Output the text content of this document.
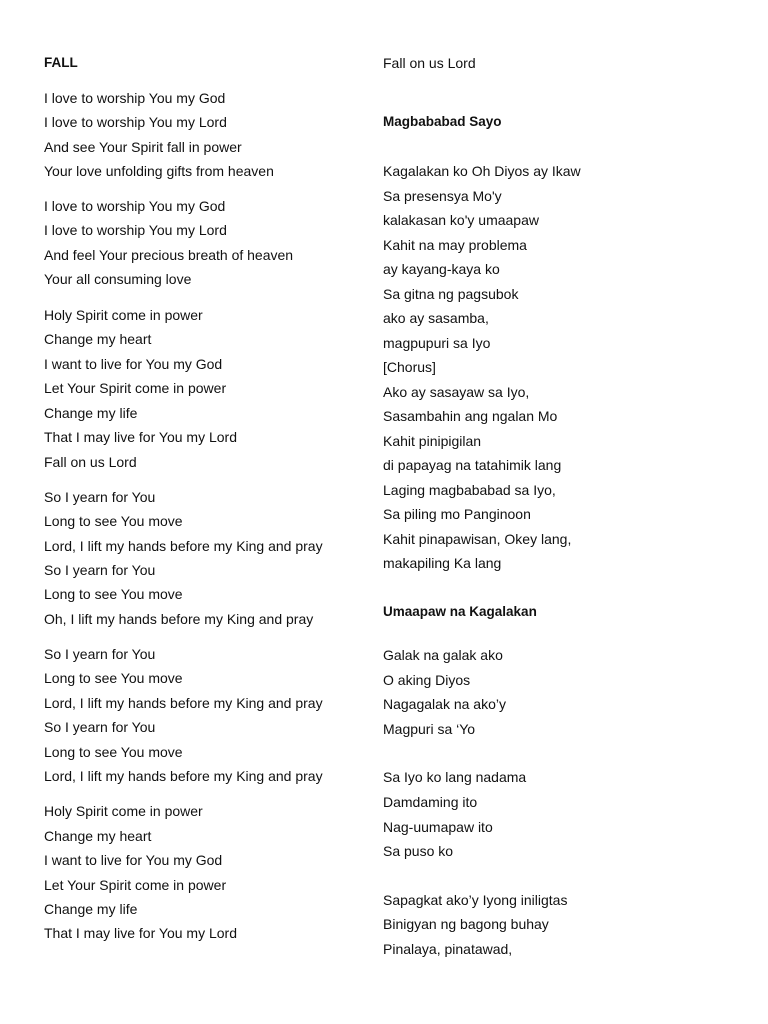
FALL
I love to worship You my God
I love to worship You my Lord
And see Your Spirit fall in power
Your love unfolding gifts from heaven
I love to worship You my God
I love to worship You my Lord
And feel Your precious breath of heaven
Your all consuming love
Holy Spirit come in power
Change my heart
I want to live for You my God
Let Your Spirit come in power
Change my life
That I may live for You my Lord
Fall on us Lord
So I yearn for You
Long to see You move
Lord, I lift my hands before my King and pray
So I yearn for You
Long to see You move
Oh, I lift my hands before my King and pray
So I yearn for You
Long to see You move
Lord, I lift my hands before my King and pray
So I yearn for You
Long to see You move
Lord, I lift my hands before my King and pray
Holy Spirit come in power
Change my heart
I want to live for You my God
Let Your Spirit come in power
Change my life
That I may live for You my Lord
Fall on us Lord
Magbababad Sayo
Kagalakan ko Oh Diyos ay Ikaw
Sa presensya Mo'y
kalakasan ko'y umaapaw
Kahit na may problema
ay kayang-kaya ko
Sa gitna ng pagsubok
ako ay sasamba,
magpupuri sa Iyo
[Chorus]
Ako ay sasayaw sa Iyo,
Sasambahin ang ngalan Mo
Kahit pinipigilan
di papayag na tatahimik lang
Laging magbababad sa Iyo,
Sa piling mo Panginoon
Kahit pinapawisan, Okey lang,
makapiling Ka lang
Umaapaw na Kagalakan
Galak na galak ako
O aking Diyos
Nagagalak na ako’y
Magpuri sa ‘Yo
Sa Iyo ko lang nadama
Damdaming ito
Nag-uumapaw ito
Sa puso ko
Sapagkat ako’y Iyong iniligtas
Binigyan ng bagong buhay
Pinalaya, pinatawad,
